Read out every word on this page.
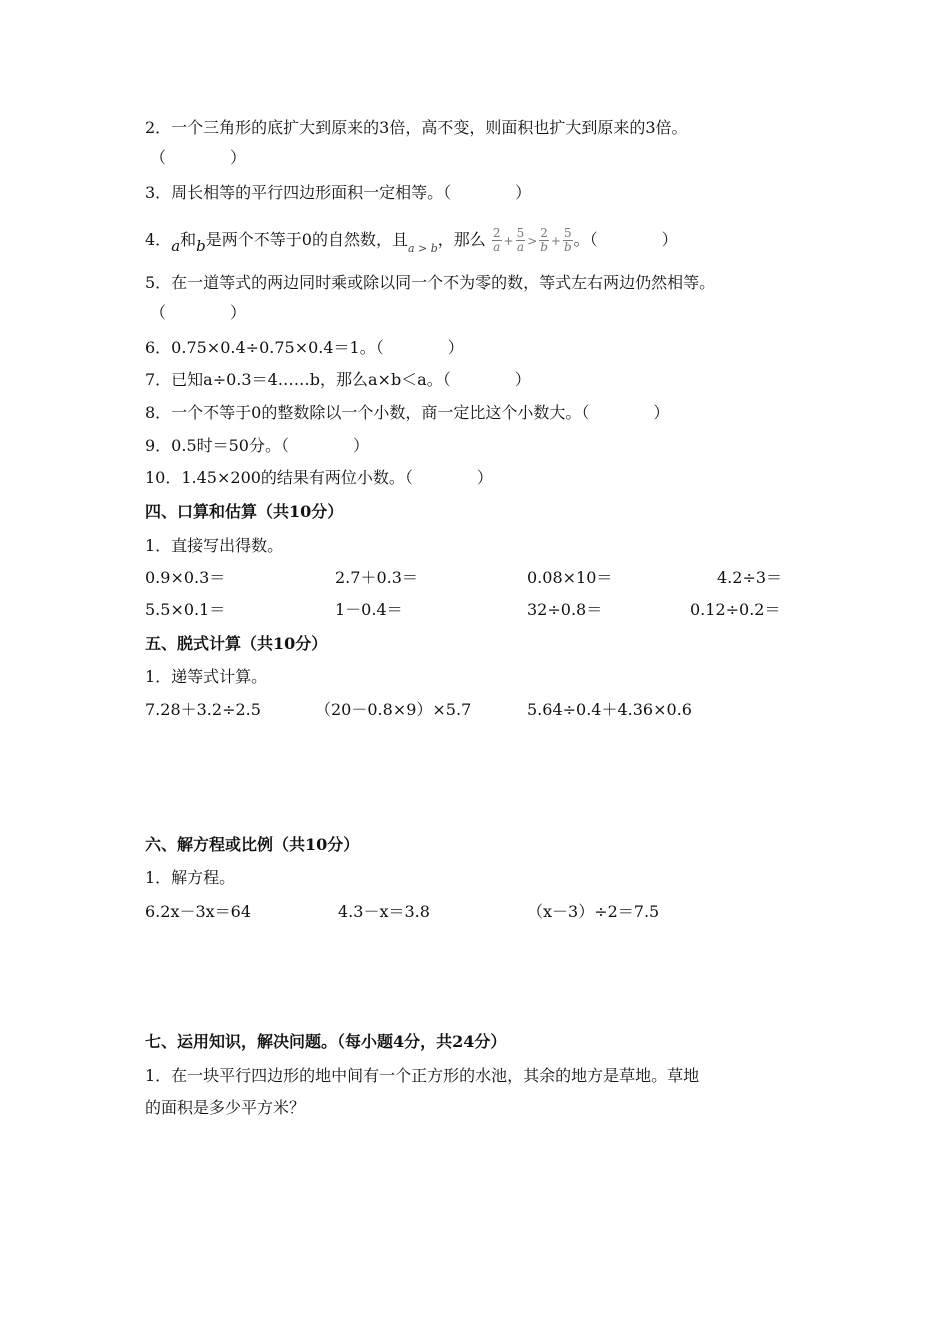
2．一个三角形的底扩大到原来的3倍，高不变，则面积也扩大到原来的3倍。
（　　　　）
3．周长相等的平行四边形面积一定相等。（　　　　）
4．a和b是两个不等于0的自然数，且$_{a > b}$，那么 $\frac{2}{a} + \frac{5}{a} > \frac{2}{b} + \frac{5}{b}$ 。（　　　　）
5．在一道等式的两边同时乘或除以同一个不为零的数，等式左右两边仍然相等。
（　　　　）
6．0.75×0.4÷0.75×0.4＝1。（　　　　）
7．已知a÷0.3＝4……b，那么a×b＜a。（　　　　）
8．一个不等于0的整数除以一个小数，商一定比这个小数大。（　　　　）
9．0.5时＝50分。（　　　　）
10．1.45×200的结果有两位小数。（　　　　）
四、口算和估算（共10分）
1．直接写出得数。
0.9×0.3＝	2.7＋0.3＝	0.08×10＝	4.2÷3＝
5.5×0.1＝	1－0.4＝	32÷0.8＝	0.12÷0.2＝
五、脱式计算（共10分）
1．递等式计算。
7.28＋3.2÷2.5	（20－0.8×9）×5.7	5.64÷0.4＋4.36×0.6
六、解方程或比例（共10分）
1．解方程。
6.2x－3x＝64	4.3－x＝3.8	（x－3）÷2＝7.5
七、运用知识，解决问题。（每小题4分，共24分）
1．在一块平行四边形的地中间有一个正方形的水池，其余的地方是草地。草地
的面积是多少平方米？
